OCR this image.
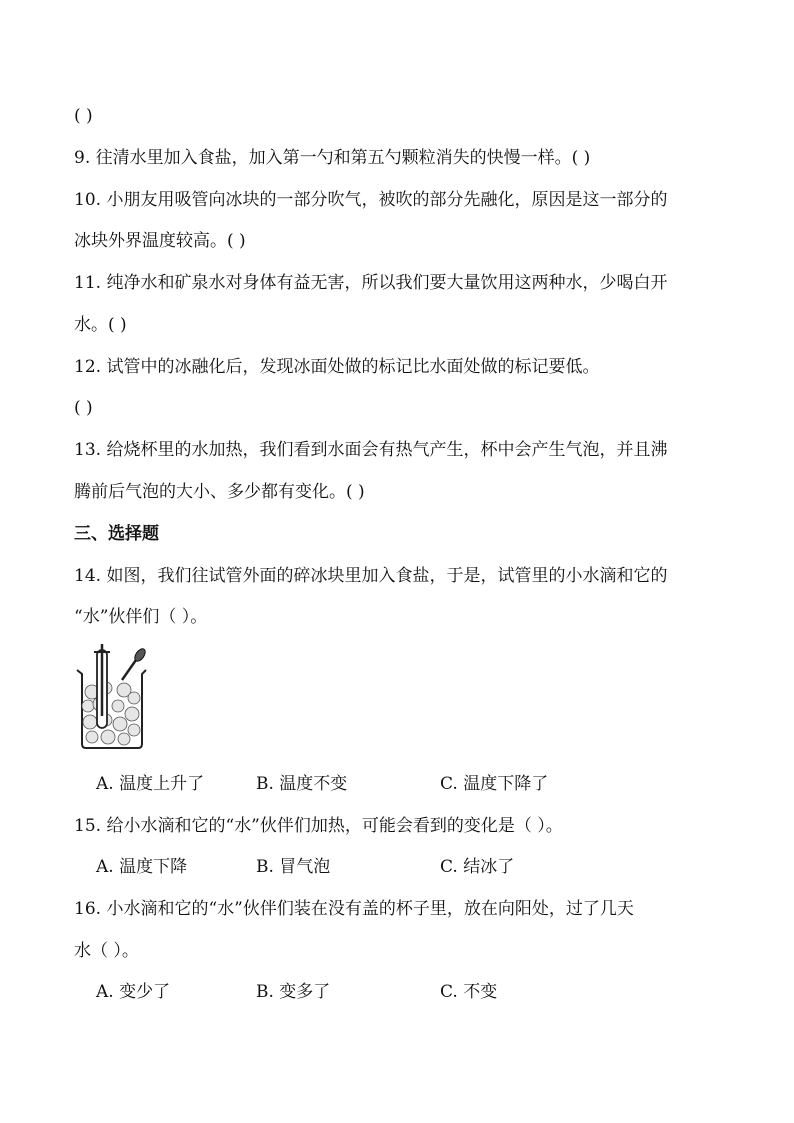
( )
9. 往清水里加入食盐，加入第一勺和第五勺颗粒消失的快慢一样。( )
10. 小朋友用吸管向冰块的一部分吹气，被吹的部分先融化，原因是这一部分的
冰块外界温度较高。( )
11. 纯净水和矿泉水对身体有益无害，所以我们要大量饮用这两种水，少喝白开
水。( )
12. 试管中的冰融化后，发现冰面处做的标记比水面处做的标记要低。
( )
13. 给烧杯里的水加热，我们看到水面会有热气产生，杯中会产生气泡，并且沸
腾前后气泡的大小、多少都有变化。( )
三、选择题
14. 如图，我们往试管外面的碎冰块里加入食盐，于是，试管里的小水滴和它的
“水”伙伴们（ ）。
A. 温度上升了	B. 温度不变	C. 温度下降了
15. 给小水滴和它的“水”伙伴们加热，可能会看到的变化是（ ）。
A. 温度下降	B. 冒气泡	C. 结冰了
16. 小水滴和它的“水”伙伴们装在没有盖的杯子里，放在向阳处，过了几天
水（ ）。
A. 变少了	B. 变多了	C. 不变
